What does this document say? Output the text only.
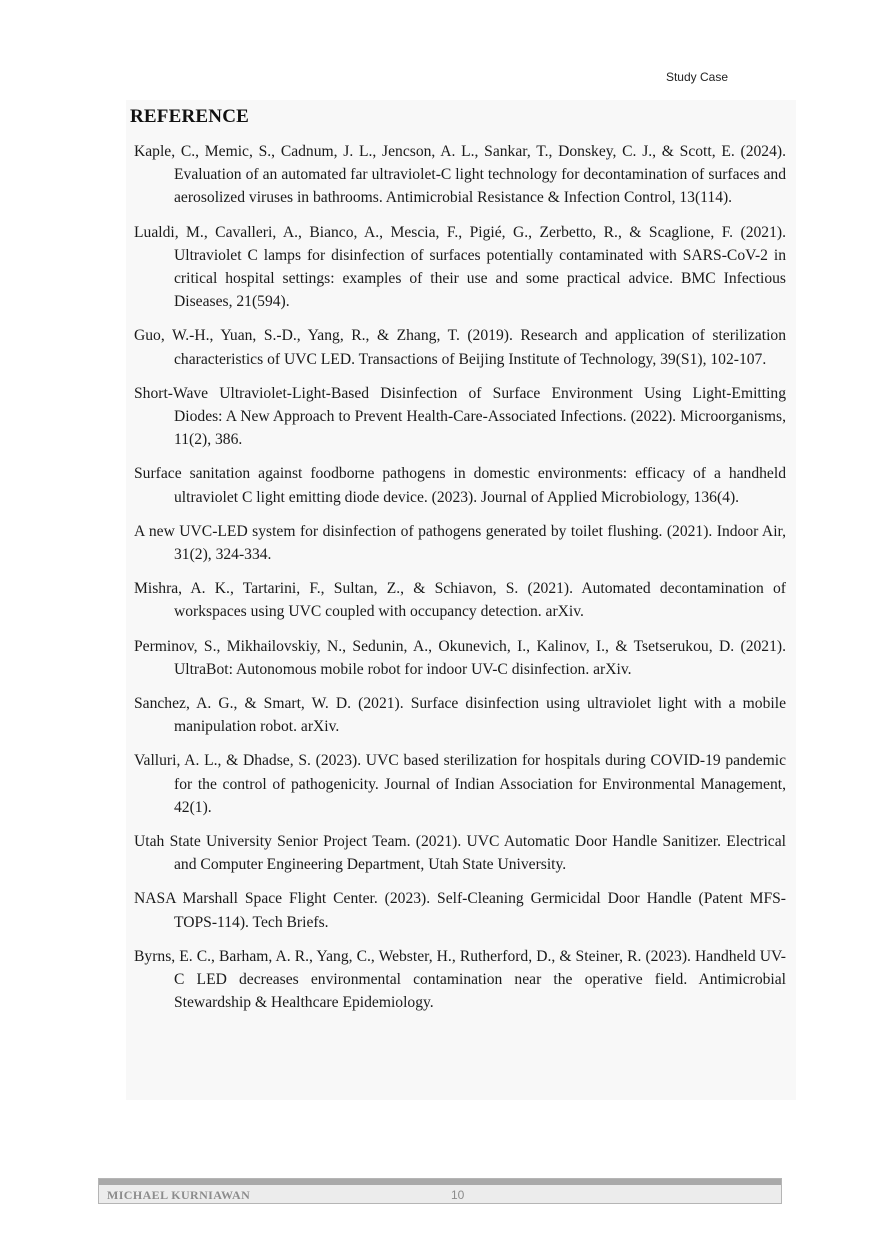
Study Case
REFERENCE

Kaple, C., Memic, S., Cadnum, J. L., Jencson, A. L., Sankar, T., Donskey, C. J., & Scott, E. (2024). Evaluation of an automated far ultraviolet-C light technology for decontamination of surfaces and aerosolized viruses in bathrooms. Antimicrobial Resistance & Infection Control, 13(114).

Lualdi, M., Cavalleri, A., Bianco, A., Mescia, F., Pigié, G., Zerbetto, R., & Scaglione, F. (2021). Ultraviolet C lamps for disinfection of surfaces potentially contaminated with SARS-CoV-2 in critical hospital settings: examples of their use and some practical advice. BMC Infectious Diseases, 21(594).

Guo, W.-H., Yuan, S.-D., Yang, R., & Zhang, T. (2019). Research and application of sterilization characteristics of UVC LED. Transactions of Beijing Institute of Technology, 39(S1), 102-107.

Short-Wave Ultraviolet-Light-Based Disinfection of Surface Environment Using Light-Emitting Diodes: A New Approach to Prevent Health-Care-Associated Infections. (2022). Microorganisms, 11(2), 386.

Surface sanitation against foodborne pathogens in domestic environments: efficacy of a handheld ultraviolet C light emitting diode device. (2023). Journal of Applied Microbiology, 136(4).

A new UVC-LED system for disinfection of pathogens generated by toilet flushing. (2021). Indoor Air, 31(2), 324-334.

Mishra, A. K., Tartarini, F., Sultan, Z., & Schiavon, S. (2021). Automated decontamination of workspaces using UVC coupled with occupancy detection. arXiv.

Perminov, S., Mikhailovskiy, N., Sedunin, A., Okunevich, I., Kalinov, I., & Tsetserukou, D. (2021). UltraBot: Autonomous mobile robot for indoor UV-C disinfection. arXiv.

Sanchez, A. G., & Smart, W. D. (2021). Surface disinfection using ultraviolet light with a mobile manipulation robot. arXiv.

Valluri, A. L., & Dhadse, S. (2023). UVC based sterilization for hospitals during COVID-19 pandemic for the control of pathogenicity. Journal of Indian Association for Environmental Management, 42(1).

Utah State University Senior Project Team. (2021). UVC Automatic Door Handle Sanitizer. Electrical and Computer Engineering Department, Utah State University.

NASA Marshall Space Flight Center. (2023). Self-Cleaning Germicidal Door Handle (Patent MFS-TOPS-114). Tech Briefs.

Byrns, E. C., Barham, A. R., Yang, C., Webster, H., Rutherford, D., & Steiner, R. (2023). Handheld UV-C LED decreases environmental contamination near the operative field. Antimicrobial Stewardship & Healthcare Epidemiology.

MICHAEL KURNIAWAN	10
